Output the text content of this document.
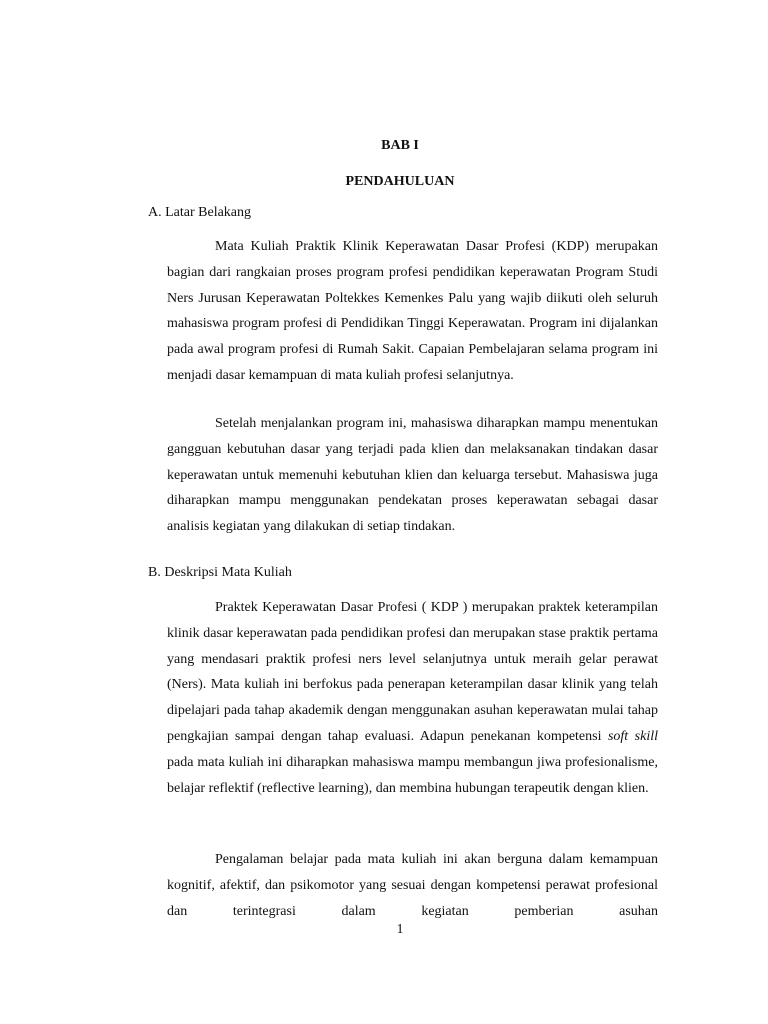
BAB I
PENDAHULUAN
A. Latar Belakang

Mata Kuliah Praktik Klinik Keperawatan Dasar Profesi (KDP) merupakan bagian dari rangkaian proses program profesi pendidikan keperawatan Program Studi Ners Jurusan Keperawatan Poltekkes Kemenkes Palu yang wajib diikuti oleh seluruh mahasiswa program profesi di Pendidikan Tinggi Keperawatan. Program ini dijalankan pada awal program profesi di Rumah Sakit. Capaian Pembelajaran selama program ini menjadi dasar kemampuan di mata kuliah profesi selanjutnya.

Setelah menjalankan program ini, mahasiswa diharapkan mampu menentukan gangguan kebutuhan dasar yang terjadi pada klien dan melaksanakan tindakan dasar keperawatan untuk memenuhi kebutuhan klien dan keluarga tersebut. Mahasiswa juga diharapkan mampu menggunakan pendekatan proses keperawatan sebagai dasar analisis kegiatan yang dilakukan di setiap tindakan.

B. Deskripsi Mata Kuliah

Praktek Keperawatan Dasar Profesi ( KDP ) merupakan praktek keterampilan klinik dasar keperawatan pada pendidikan profesi dan merupakan stase praktik pertama yang mendasari praktik profesi ners level selanjutnya untuk meraih gelar perawat (Ners). Mata kuliah ini berfokus pada penerapan keterampilan dasar klinik yang telah dipelajari pada tahap akademik dengan menggunakan asuhan keperawatan mulai tahap pengkajian sampai dengan tahap evaluasi. Adapun penekanan kompetensi soft skill pada mata kuliah ini diharapkan mahasiswa mampu membangun jiwa profesionalisme, belajar reflektif (reflective learning), dan membina hubungan terapeutik dengan klien.

Pengalaman belajar pada mata kuliah ini akan berguna dalam kemampuan kognitif, afektif, dan psikomotor yang sesuai dengan kompetensi perawat profesional dan terintegrasi dalam kegiatan pemberian asuhan

1
